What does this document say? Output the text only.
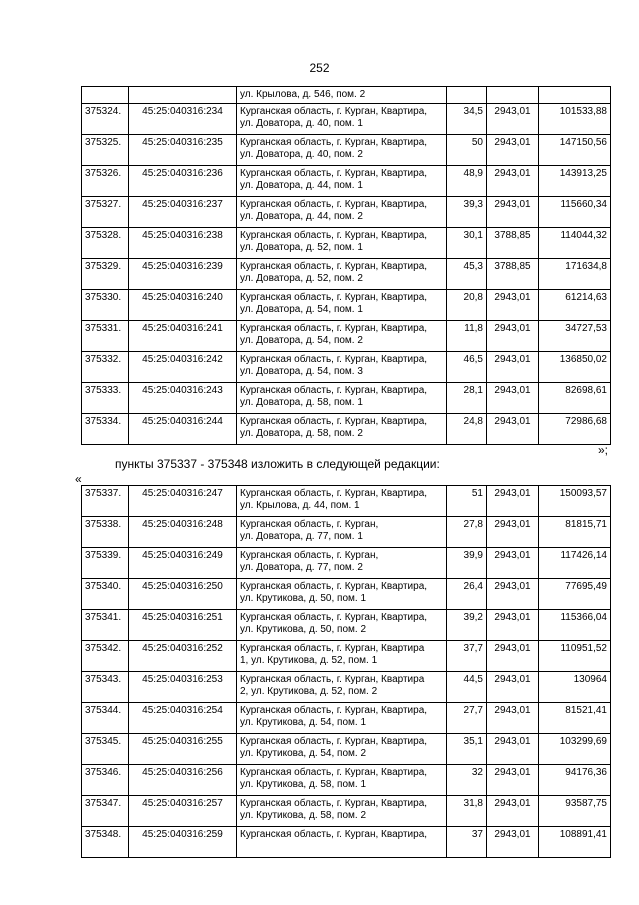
252
		ул. Крылова, д. 546, пом. 2			
375324.	45:25:040316:234	Курганская область, г. Курган, Квартира,
ул. Доватора, д. 40, пом. 1	34,5	2943,01	101533,88
375325.	45:25:040316:235	Курганская область, г. Курган, Квартира,
ул. Доватора, д. 40, пом. 2	50	2943,01	147150,56
375326.	45:25:040316:236	Курганская область, г. Курган, Квартира,
ул. Доватора, д. 44, пом. 1	48,9	2943,01	143913,25
375327.	45:25:040316:237	Курганская область, г. Курган, Квартира,
ул. Доватора, д. 44, пом. 2	39,3	2943,01	115660,34
375328.	45:25:040316:238	Курганская область, г. Курган, Квартира,
ул. Доватора, д. 52, пом. 1	30,1	3788,85	114044,32
375329.	45:25:040316:239	Курганская область, г. Курган, Квартира,
ул. Доватора, д. 52, пом. 2	45,3	3788,85	171634,8
375330.	45:25:040316:240	Курганская область, г. Курган, Квартира,
ул. Доватора, д. 54, пом. 1	20,8	2943,01	61214,63
375331.	45:25:040316:241	Курганская область, г. Курган, Квартира,
ул. Доватора, д. 54, пом. 2	11,8	2943,01	34727,53
375332.	45:25:040316:242	Курганская область, г. Курган, Квартира,
ул. Доватора, д. 54, пом. 3	46,5	2943,01	136850,02
375333.	45:25:040316:243	Курганская область, г. Курган, Квартира,
ул. Доватора, д. 58, пом. 1	28,1	2943,01	82698,61
375334.	45:25:040316:244	Курганская область, г. Курган, Квартира,
ул. Доватора, д. 58, пом. 2	24,8	2943,01	72986,68
»;
пункты 375337 - 375348 изложить в следующей редакции:
«
375337.	45:25:040316:247	Курганская область, г. Курган, Квартира,
ул. Крылова, д. 44, пом. 1	51	2943,01	150093,57
375338.	45:25:040316:248	Курганская область, г. Курган,
ул. Доватора, д. 77, пом. 1	27,8	2943,01	81815,71
375339.	45:25:040316:249	Курганская область, г. Курган,
ул. Доватора, д. 77, пом. 2	39,9	2943,01	117426,14
375340.	45:25:040316:250	Курганская область, г. Курган, Квартира,
ул. Крутикова, д. 50, пом. 1	26,4	2943,01	77695,49
375341.	45:25:040316:251	Курганская область, г. Курган, Квартира,
ул. Крутикова, д. 50, пом. 2	39,2	2943,01	115366,04
375342.	45:25:040316:252	Курганская область, г. Курган, Квартира
1, ул. Крутикова, д. 52, пом. 1	37,7	2943,01	110951,52
375343.	45:25:040316:253	Курганская область, г. Курган, Квартира
2, ул. Крутикова, д. 52, пом. 2	44,5	2943,01	130964
375344.	45:25:040316:254	Курганская область, г. Курган, Квартира,
ул. Крутикова, д. 54, пом. 1	27,7	2943,01	81521,41
375345.	45:25:040316:255	Курганская область, г. Курган, Квартира,
ул. Крутикова, д. 54, пом. 2	35,1	2943,01	103299,69
375346.	45:25:040316:256	Курганская область, г. Курган, Квартира,
ул. Крутикова, д. 58, пом. 1	32	2943,01	94176,36
375347.	45:25:040316:257	Курганская область, г. Курган, Квартира,
ул. Крутикова, д. 58, пом. 2	31,8	2943,01	93587,75
375348.	45:25:040316:259	Курганская область, г. Курган, Квартира,	37	2943,01	108891,41
